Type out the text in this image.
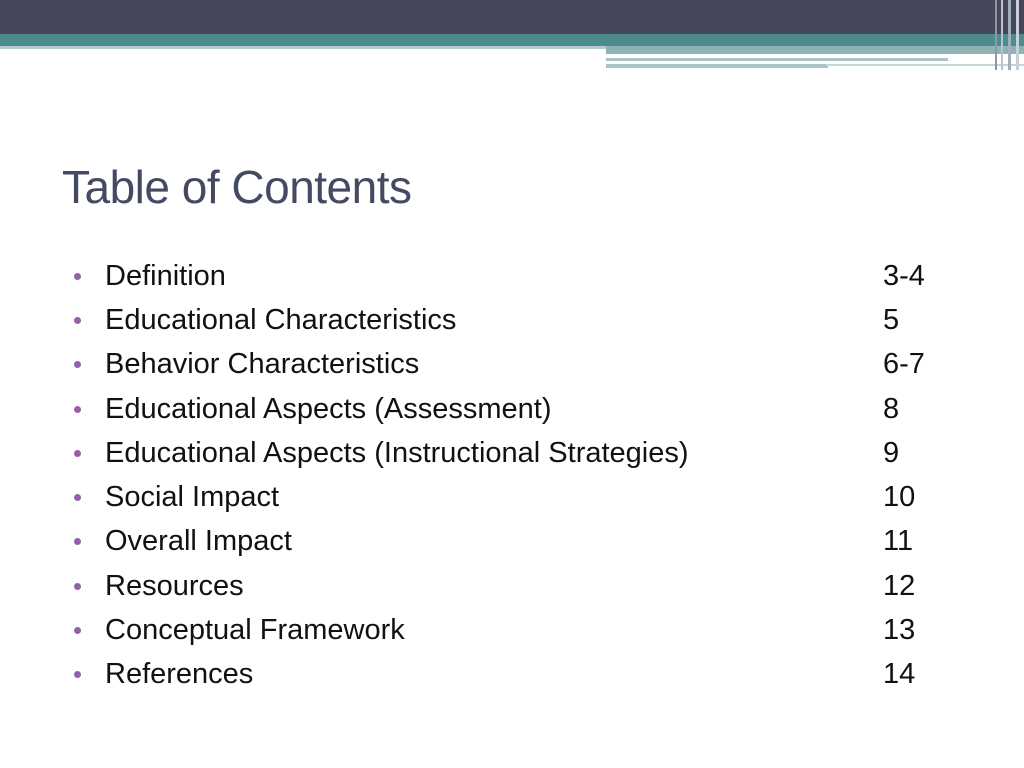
Table of Contents
Definition	3-4
Educational Characteristics	5
Behavior Characteristics	6-7
Educational Aspects (Assessment)	8
Educational Aspects (Instructional Strategies)	9
Social Impact	10
Overall Impact	11
Resources	12
Conceptual Framework	13
References	14
